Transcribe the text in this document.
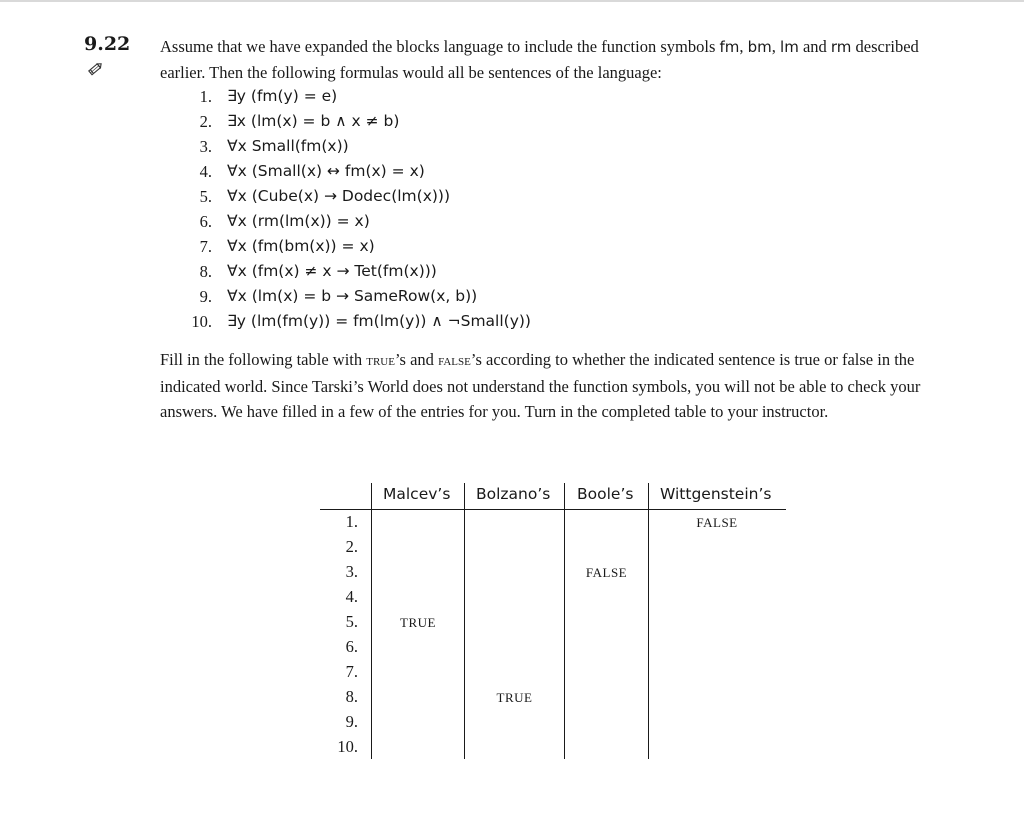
9.22 Assume that we have expanded the blocks language to include the function symbols fm, bm, lm and rm described earlier. Then the following formulas would all be sentences of the language:
1. ∃y (fm(y) = e)
2. ∃x (lm(x) = b ∧ x ≠ b)
3. ∀x Small(fm(x))
4. ∀x (Small(x) ↔ fm(x) = x)
5. ∀x (Cube(x) → Dodec(lm(x)))
6. ∀x (rm(lm(x)) = x)
7. ∀x (fm(bm(x)) = x)
8. ∀x (fm(x) ≠ x → Tet(fm(x)))
9. ∀x (lm(x) = b → SameRow(x, b))
10. ∃y (lm(fm(y)) = fm(lm(y)) ∧ ¬Small(y))
Fill in the following table with true’s and false’s according to whether the indicated sentence is true or false in the indicated world. Since Tarski’s World does not understand the function symbols, you will not be able to check your answers. We have filled in a few of the entries for you. Turn in the completed table to your instructor.
Malcev’s Bolzano’s Boole’s Wittgenstein’s
1.
2.
3.
4.
5.
6.
7.
8.
9.
10.
FALSE
FALSE
TRUE
TRUE
